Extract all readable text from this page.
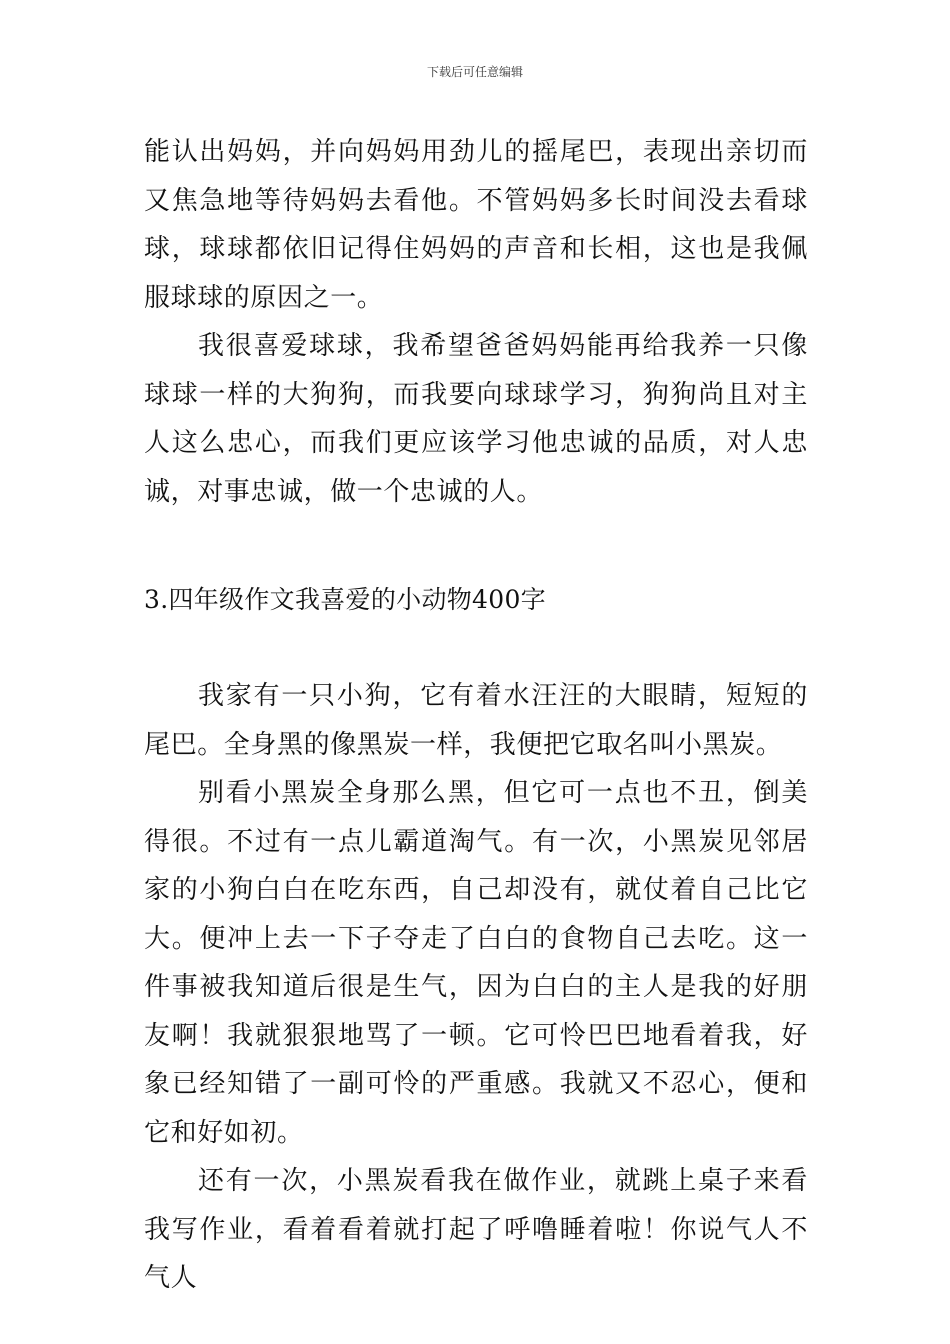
下载后可任意编辑

能认出妈妈，并向妈妈用劲儿的摇尾巴，表现出亲切而又焦急地等待妈妈去看他。不管妈妈多长时间没去看球球，球球都依旧记得住妈妈的声音和长相，这也是我佩服球球的原因之一。

我很喜爱球球，我希望爸爸妈妈能再给我养一只像球球一样的大狗狗，而我要向球球学习，狗狗尚且对主人这么忠心，而我们更应该学习他忠诚的品质，对人忠诚，对事忠诚，做一个忠诚的人。

3.四年级作文我喜爱的小动物400字

我家有一只小狗，它有着水汪汪的大眼睛，短短的尾巴。全身黑的像黑炭一样，我便把它取名叫小黑炭。

别看小黑炭全身那么黑，但它可一点也不丑，倒美得很。不过有一点儿霸道淘气。有一次，小黑炭见邻居家的小狗白白在吃东西，自己却没有，就仗着自己比它大。便冲上去一下子夺走了白白的食物自己去吃。这一件事被我知道后很是生气，因为白白的主人是我的好朋友啊！我就狠狠地骂了一顿。它可怜巴巴地看着我，好象已经知错了一副可怜的严重感。我就又不忍心，便和它和好如初。

还有一次，小黑炭看我在做作业，就跳上桌子来看我写作业，看着看着就打起了呼噜睡着啦！你说气人不气人
